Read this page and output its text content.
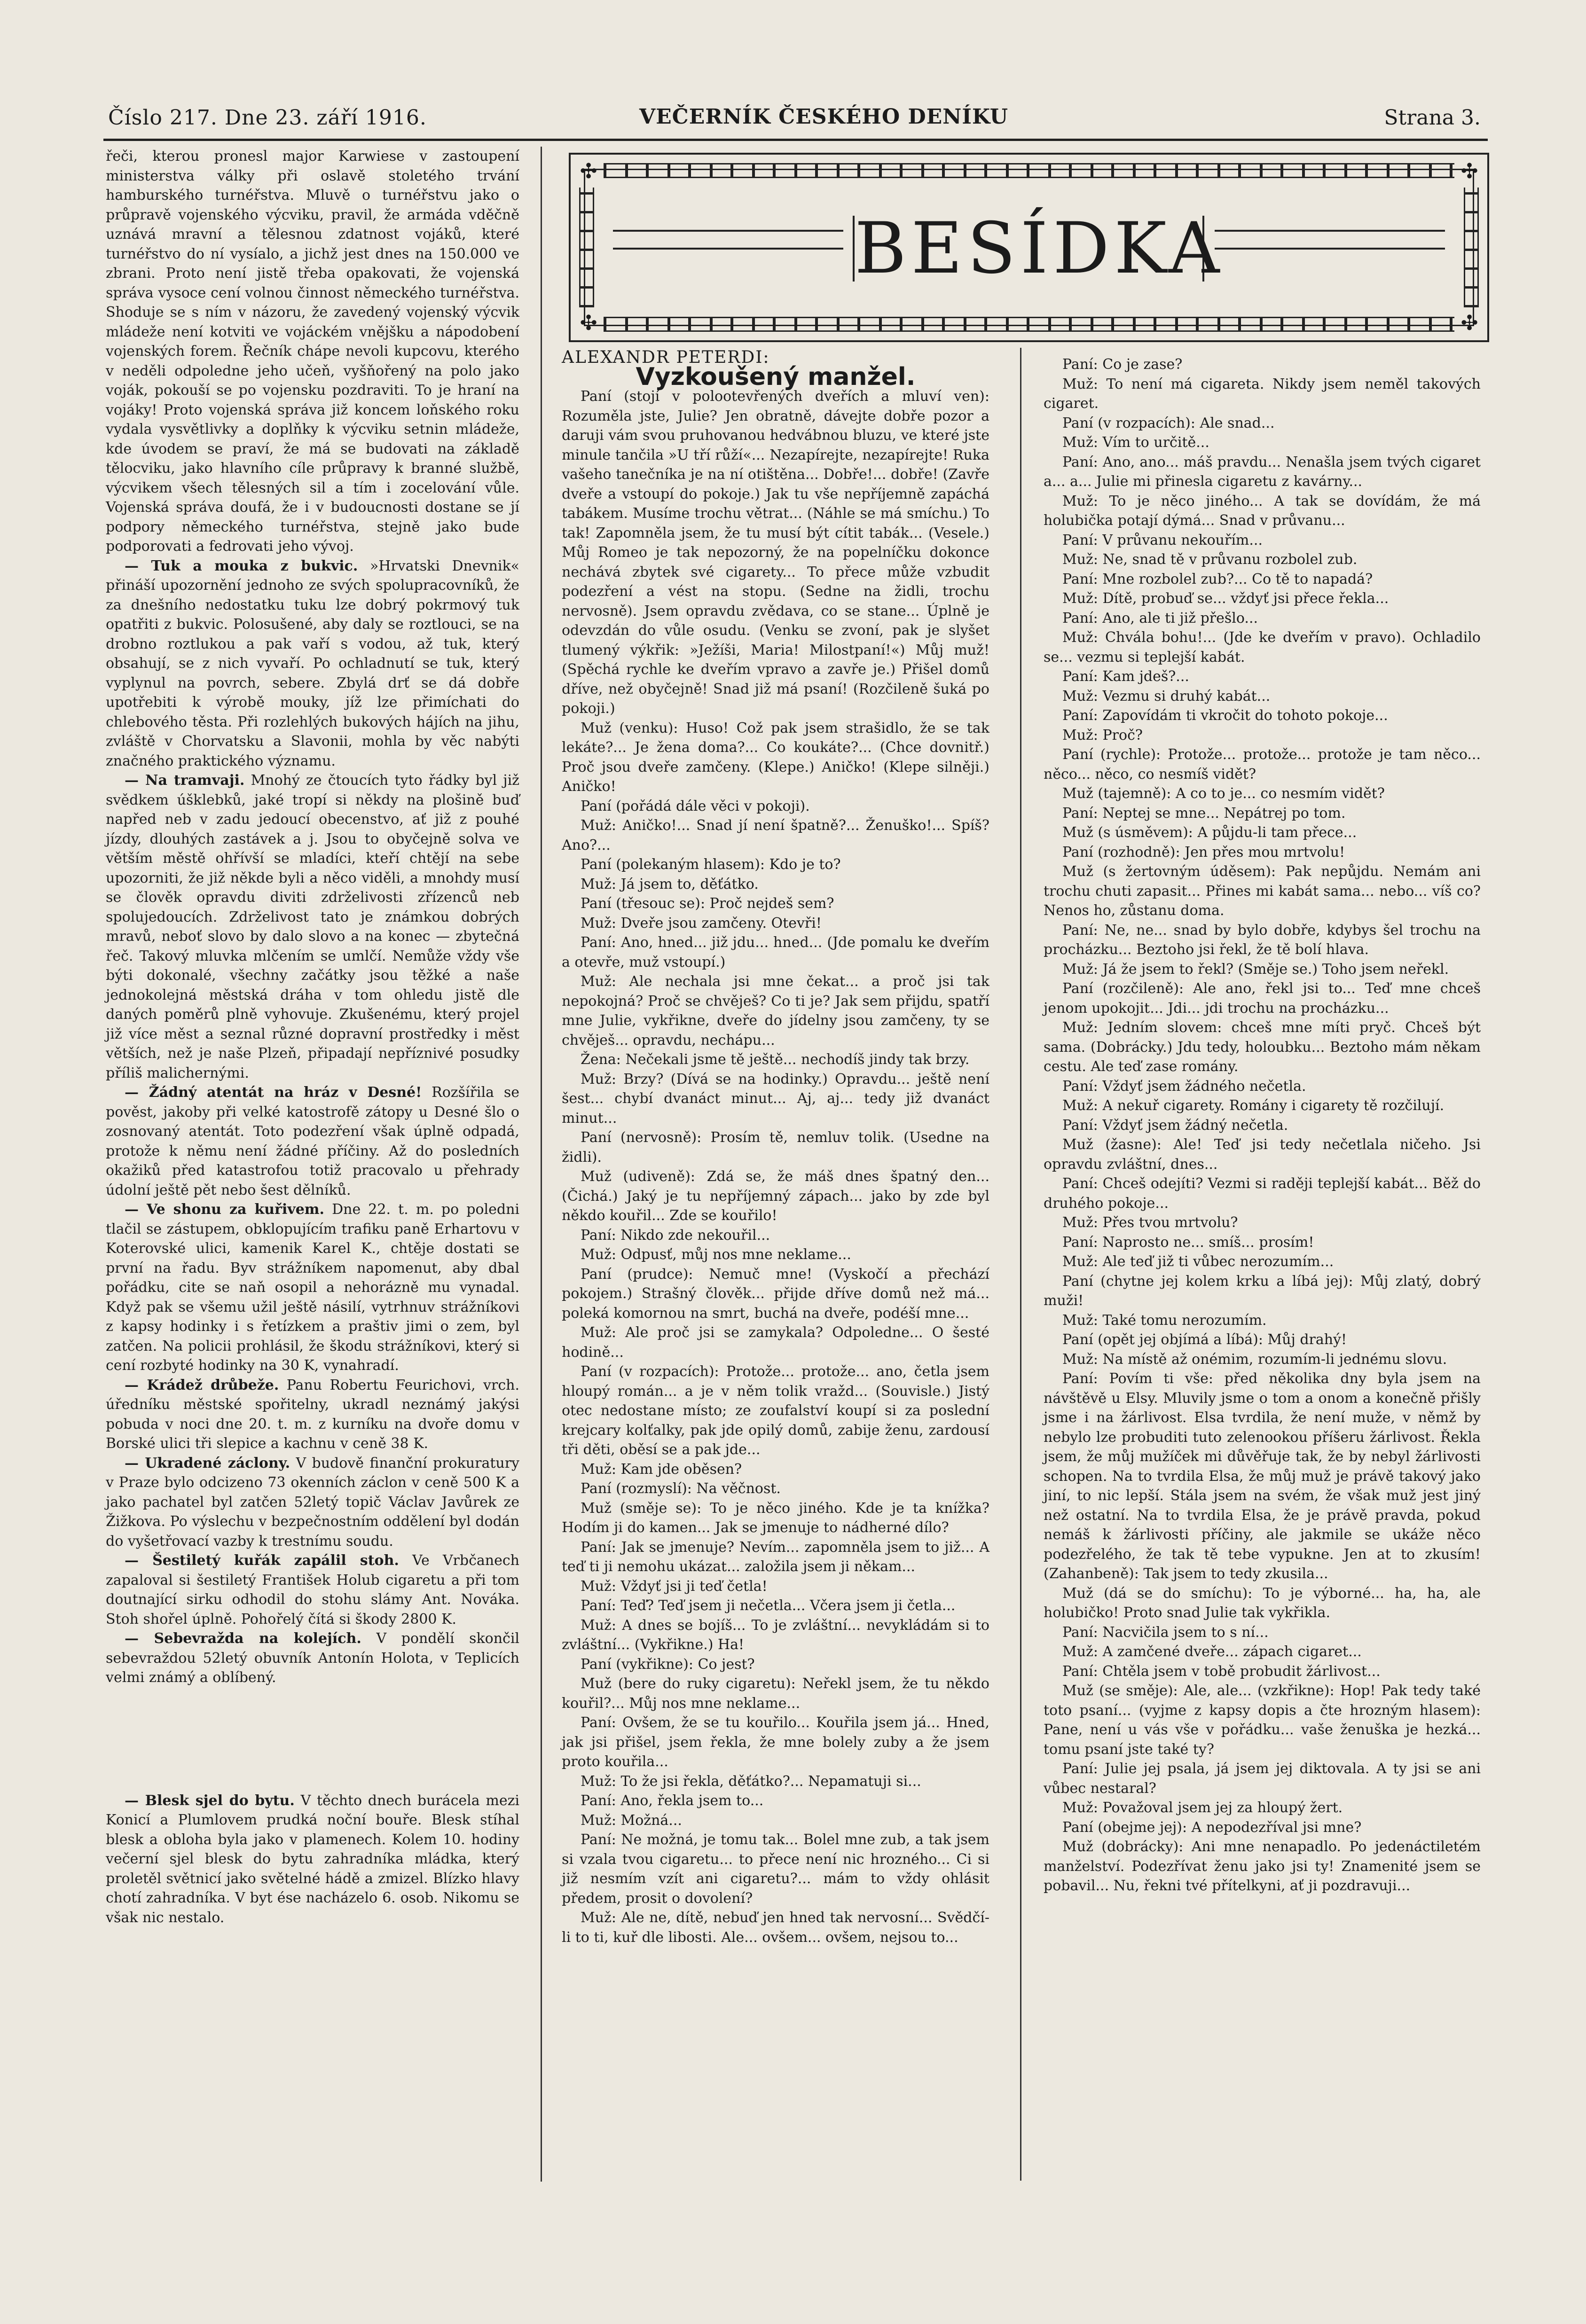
Číslo 217. Dne 23. září 1916.	VEČERNÍK ČESKÉHO DENÍKU	Strana 3.

řeči, kterou pronesl major Karwiese v zastoupení ministerstva války při oslavě stoletého trvání hamburského turnéřstva. Mluvě o turnéřstvu jako o průpravě vojenského výcviku, pravil, že armáda vděčně uznává mravní a tělesnou zdatnost vojáků, které turnéřstvo do ní vysíalo, a jichž jest dnes na 150.000 ve zbrani. Proto není jistě třeba opakovati, že vojenská správa vysoce cení volnou činnost německého turnéřstva. Shoduje se s ním v názoru, že zavedený vojenský výcvik mládeže není kotviti ve vojáckém vnějšku a nápodobení vojenských forem. Řečník chápe nevoli kupcovu, kterého v neděli odpoledne jeho učeň, vyšňořený na polo jako voják, pokouší se po vojensku pozdraviti. To je hraní na vojáky! Proto vojenská správa již koncem loňského roku vydala vysvětlivky a doplňky k výcviku setnin mládeže, kde úvodem se praví, že má se budovati na základě tělocviku, jako hlavního cíle průpravy k branné službě, výcvikem všech tělesných sil a tím i zocelování vůle. Vojenská správa doufá, že i v budoucnosti dostane se jí podpory německého turnéřstva, stejně jako bude podporovati a fedrovati jeho vývoj.

— Tuk a mouka z bukvic. »Hrvatski Dnevnik« přináší upozornění jednoho ze svých spolupracovníků, že za dnešního nedostatku tuku lze dobrý pokrmový tuk opatřiti z bukvic. Polosušené, aby daly se roztlouci, se na drobno roztlukou a pak vaří s vodou, až tuk, který obsahují, se z nich vyvaří. Po ochladnutí se tuk, který vyplynul na povrch, sebere. Zbylá drť se dá dobře upotřebiti k výrobě mouky, jíž lze přimíchati do chlebového těsta. Při rozlehlých bukových hájích na jihu, zvláště v Chorvatsku a Slavonii, mohla by věc nabýti značného praktického významu.

— Na tramvaji. Mnohý ze čtoucích tyto řádky byl již svědkem úšklebků, jaké tropí si někdy na plošině buď napřed neb v zadu jedoucí obecenstvo, ať již z pouhé jízdy, dlouhých zastávek a j. Jsou to obyčejně solva ve větším městě ohřívší se mladíci, kteří chtějí na sebe upozorniti, že již někde byli a něco viděli, a mnohdy musí se člověk opravdu diviti zdrželivosti zřízenců neb spolujedoucích. Zdrželivost tato je známkou dobrých mravů, neboť slovo by dalo slovo a na konec — zbytečná řeč. Takový mluvka mlčením se umlčí. Nemůže vždy vše býti dokonalé, všechny začátky jsou těžké a naše jednokolejná městská dráha v tom ohledu jistě dle daných poměrů plně vyhovuje. Zkušenému, který projel již více měst a seznal různé dopravní prostředky i měst větších, než je naše Plzeň, připadají nepříznivé posudky příliš malichernými.

— Žádný atentát na hráz v Desné! Rozšířila se pověst, jakoby při velké katostrofě zátopy u Desné šlo o zosnovaný atentát. Toto podezření však úplně odpadá, protože k němu není žádné příčiny. Až do posledních okažiků před katastrofou totiž pracovalo u přehrady údolní ještě pět nebo šest dělníků.

— Ve shonu za kuřivem. Dne 22. t. m. po poledni tlačil se zástupem, obklopujícím trafiku paně Erhartovu v Koterovské ulici, kamenik Karel K., chtěje dostati se první na řadu. Byv strážníkem napomenut, aby dbal pořádku, cite se naň osopil a nehorázně mu vynadal. Když pak se všemu užil ještě násilí, vytrhnuv strážníkovi z kapsy hodinky i s řetízkem a praštiv jimi o zem, byl zatčen. Na policii prohlásil, že škodu strážníkovi, který si cení rozbyté hodinky na 30 K, vynahradí.

— Krádež drůbeže. Panu Robertu Feurichovi, vrch. úředníku městské spořitelny, ukradl neznámý jakýsi pobuda v noci dne 20. t. m. z kurníku na dvoře domu v Borské ulici tři slepice a kachnu v ceně 38 K.

— Ukradené záclony. V budově finanční prokuratury v Praze bylo odcizeno 73 okenních záclon v ceně 500 K a jako pachatel byl zatčen 52letý topič Václav Javůrek ze Žižkova. Po výslechu v bezpečnostním oddělení byl dodán do vyšetřovací vazby k trestnímu soudu.

— Šestiletý kuřák zapálil stoh. Ve Vrbčanech zapaloval si šestiletý František Holub cigaretu a při tom doutnající sirku odhodil do stohu slámy Ant. Nováka. Stoh shořel úplně. Pohořelý čítá si škody 2800 K.

— Sebevražda na kolejích. V pondělí skončil sebevraždou 52letý obuvník Antonín Holota, v Teplicích velmi známý a oblíbený.

— Blesk sjel do bytu. V těchto dnech burácela mezi Konicí a Plumlovem prudká noční bouře. Blesk stíhal blesk a obloha byla jako v plamenech. Kolem 10. hodiny večerní sjel blesk do bytu zahradníka mládka, který proletěl světnicí jako světelné hádě a zmizel. Blízko hlavy chotí zahradníka. V byt ése nacházelo 6. osob. Nikomu se však nic nestalo.

✣	✣
✣	✣
BESÍDKA

ALEXANDR PETERDI:

Vyzkoušený manžel.

Paní (stojí v polootevřených dveřích a mluví ven): Rozuměla jste, Julie? Jen obratně, dávejte dobře pozor a daruji vám svou pruhovanou hedvábnou bluzu, ve které jste minule tančila »U tří růží«... Nezapírejte, nezapírejte! Ruka vašeho tanečníka je na ní otištěna... Dobře!... dobře! (Zavře dveře a vstoupí do pokoje.) Jak tu vše nepříjemně zapáchá tabákem. Musíme trochu větrat... (Náhle se má smíchu.) To tak! Zapomněla jsem, že tu musí být cítit tabák... (Vesele.) Můj Romeo je tak nepozorný, že na popelníčku dokonce nechává zbytek své cigarety... To přece může vzbudit podezření a vést na stopu. (Sedne na židli, trochu nervosně). Jsem opravdu zvědava, co se stane... Úplně je odevzdán do vůle osudu. (Venku se zvoní, pak je slyšet tlumený výkřik: »Ježíši, Maria! Milostpaní!«) Můj muž! (Spěchá rychle ke dveřím vpravo a zavře je.) Přišel domů dříve, než obyčejně! Snad již má psaní! (Rozčileně šuká po pokoji.)

Muž (venku): Huso! Což pak jsem strašidlo, že se tak lekáte?... Je žena doma?... Co koukáte?... (Chce dovnitř.) Proč jsou dveře zamčeny. (Klepe.) Aničko! (Klepe silněji.) Aničko!

Paní (pořádá dále věci v pokoji).

Muž: Aničko!... Snad jí není špatně?... Ženuško!... Spíš? Ano?...

Paní (polekaným hlasem): Kdo je to?

Muž: Já jsem to, děťátko.

Paní (třesouc se): Proč nejdeš sem?

Muž: Dveře jsou zamčeny. Otevři!

Paní: Ano, hned... již jdu... hned... (Jde pomalu ke dveřím a otevře, muž vstoupí.)

Muž: Ale nechala jsi mne čekat... a proč jsi tak nepokojná? Proč se chvěješ? Co ti je? Jak sem přijdu, spatří mne Julie, vykřikne, dveře do jídelny jsou zamčeny, ty se chvěješ... opravdu, nechápu...

Žena: Nečekali jsme tě ještě... nechodíš jindy tak brzy.

Muž: Brzy? (Dívá se na hodinky.) Opravdu... ještě není šest... chybí dvanáct minut... Aj, aj... tedy již dvanáct minut...

Paní (nervosně): Prosím tě, nemluv tolik. (Usedne na židli).

Muž (udiveně): Zdá se, že máš dnes špatný den... (Čichá.) Jaký je tu nepříjemný zápach... jako by zde byl někdo kouřil... Zde se kouřilo!

Paní: Nikdo zde nekouřil...

Muž: Odpusť, můj nos mne neklame...

Paní (prudce): Nemuč mne! (Vyskočí a přechází pokojem.) Strašný člověk... přijde dříve domů než má... poleká komornou na smrt, buchá na dveře, podéší mne...

Muž: Ale proč jsi se zamykala? Odpoledne... O šesté hodině...

Paní (v rozpacích): Protože... protože... ano, četla jsem hloupý román... a je v něm tolik vražd... (Souvisle.) Jistý otec nedostane místo; ze zoufalství koupí si za poslední krejcary kolťalky, pak jde opilý domů, zabije ženu, zardousí tři děti, oběsí se a pak jde...

Muž: Kam jde oběsen?

Paní (rozmyslí): Na věčnost.

Muž (směje se): To je něco jiného. Kde je ta knížka? Hodím ji do kamen... Jak se jmenuje to nádherné dílo?

Paní: Jak se jmenuje? Nevím... zapomněla jsem to již... A teď ti ji nemohu ukázat... založila jsem ji někam...

Muž: Vždyť jsi ji teď četla!

Paní: Teď? Teď jsem ji nečetla... Včera jsem ji četla...

Muž: A dnes se bojíš... To je zvláštní... nevykládám si to zvláštní... (Vykřikne.) Ha!

Paní (vykřikne): Co jest?

Muž (bere do ruky cigaretu): Neřekl jsem, že tu někdo kouřil?... Můj nos mne neklame...

Paní: Ovšem, že se tu kouřilo... Kouřila jsem já... Hned, jak jsi přišel, jsem řekla, že mne bolely zuby a že jsem proto kouřila...

Muž: To že jsi řekla, děťátko?... Nepamatuji si...

Paní: Ano, řekla jsem to...

Muž: Možná...

Paní: Ne možná, je tomu tak... Bolel mne zub, a tak jsem si vzala tvou cigaretu... to přece není nic hrozného... Ci si již nesmím vzít ani cigaretu?... mám to vždy ohlásit předem, prosit o dovolení?

Muž: Ale ne, dítě, nebuď jen hned tak nervosní... Svědčí-li to ti, kuř dle libosti. Ale... ovšem... ovšem, nejsou to...

Paní: Co je zase?

Muž: To není má cigareta. Nikdy jsem neměl takových cigaret.

Paní (v rozpacích): Ale snad...

Muž: Vím to určitě...

Paní: Ano, ano... máš pravdu... Nenašla jsem tvých cigaret a... a... Julie mi přinesla cigaretu z kavárny...

Muž: To je něco jiného... A tak se dovídám, že má holubička potají dýmá... Snad v průvanu...

Paní: V průvanu nekouřím...

Muž: Ne, snad tě v průvanu rozbolel zub.

Paní: Mne rozbolel zub?... Co tě to napadá?

Muž: Dítě, probuď se... vždyť jsi přece řekla...

Paní: Ano, ale ti již přešlo...

Muž: Chvála bohu!... (Jde ke dveřím v pravo). Ochladilo se... vezmu si teplejší kabát.

Paní: Kam jdeš?...

Muž: Vezmu si druhý kabát...

Paní: Zapovídám ti vkročit do tohoto pokoje...

Muž: Proč?

Paní (rychle): Protože... protože... protože je tam něco... něco... něco, co nesmíš vidět?

Muž (tajemně): A co to je... co nesmím vidět?

Paní: Neptej se mne... Nepátrej po tom.

Muž (s úsměvem): A půjdu-li tam přece...

Paní (rozhodně): Jen přes mou mrtvolu!

Muž (s žertovným úděsem): Pak nepůjdu. Nemám ani trochu chuti zapasit... Přines mi kabát sama... nebo... víš co? Nenos ho, zůstanu doma.

Paní: Ne, ne... snad by bylo dobře, kdybys šel trochu na procházku... Beztoho jsi řekl, že tě bolí hlava.

Muž: Já že jsem to řekl? (Směje se.) Toho jsem neřekl.

Paní (rozčileně): Ale ano, řekl jsi to... Teď mne chceš jenom upokojit... Jdi... jdi trochu na procházku...

Muž: Jedním slovem: chceš mne míti pryč. Chceš být sama. (Dobrácky.) Jdu tedy, holoubku... Beztoho mám někam cestu. Ale teď zase romány.

Paní: Vždyť jsem žádného nečetla.

Muž: A nekuř cigarety. Romány i cigarety tě rozčilují.

Paní: Vždyť jsem žádný nečetla.

Muž (žasne): Ale! Teď jsi tedy nečetlala ničeho. Jsi opravdu zvláštní, dnes...

Paní: Chceš odejíti? Vezmi si raději teplejší kabát... Běž do druhého pokoje...

Muž: Přes tvou mrtvolu?

Paní: Naprosto ne... smíš... prosím!

Muž: Ale teď již ti vůbec nerozumím...

Paní (chytne jej kolem krku a líbá jej): Můj zlatý, dobrý muži!

Muž: Také tomu nerozumím.

Paní (opět jej objímá a líbá): Můj drahý!

Muž: Na místě až onémim, rozumím-li jednému slovu.

Paní: Povím ti vše: před několika dny byla jsem na návštěvě u Elsy. Mluvily jsme o tom a onom a konečně přišly jsme i na žárlivost. Elsa tvrdila, že není muže, v němž by nebylo lze probuditi tuto zelenookou příšeru žárlivost. Řekla jsem, že můj mužíček mi důvěřuje tak, že by nebyl žárlivosti schopen. Na to tvrdila Elsa, že můj muž je právě takový jako jiní, to nic lepší. Stála jsem na svém, že však muž jest jiný než ostatní. Na to tvrdila Elsa, že je právě pravda, pokud nemáš k žárlivosti příčiny, ale jakmile se ukáže něco podezřelého, že tak tě tebe vypukne. Jen at to zkusím! (Zahanbeně): Tak jsem to tedy zkusila...

Muž (dá se do smíchu): To je výborné... ha, ha, ale holubičko! Proto snad Julie tak vykřikla.

Paní: Nacvičila jsem to s ní...

Muž: A zamčené dveře... zápach cigaret...

Paní: Chtěla jsem v tobě probudit žárlivost...

Muž (se směje): Ale, ale... (vzkřikne): Hop! Pak tedy také toto psaní... (vyjme z kapsy dopis a čte hrozným hlasem): Pane, není u vás vše v pořádku... vaše ženuška je hezká... tomu psaní jste také ty?

Paní: Julie jej psala, já jsem jej diktovala. A ty jsi se ani vůbec nestaral?

Muž: Považoval jsem jej za hloupý žert.

Paní (obejme jej): A nepodezříval jsi mne?

Muž (dobrácky): Ani mne nenapadlo. Po jedenáctiletém manželství. Podezřívat ženu jako jsi ty! Znamenité jsem se pobavil... Nu, řekni tvé přítelkyni, ať ji pozdravuji...
